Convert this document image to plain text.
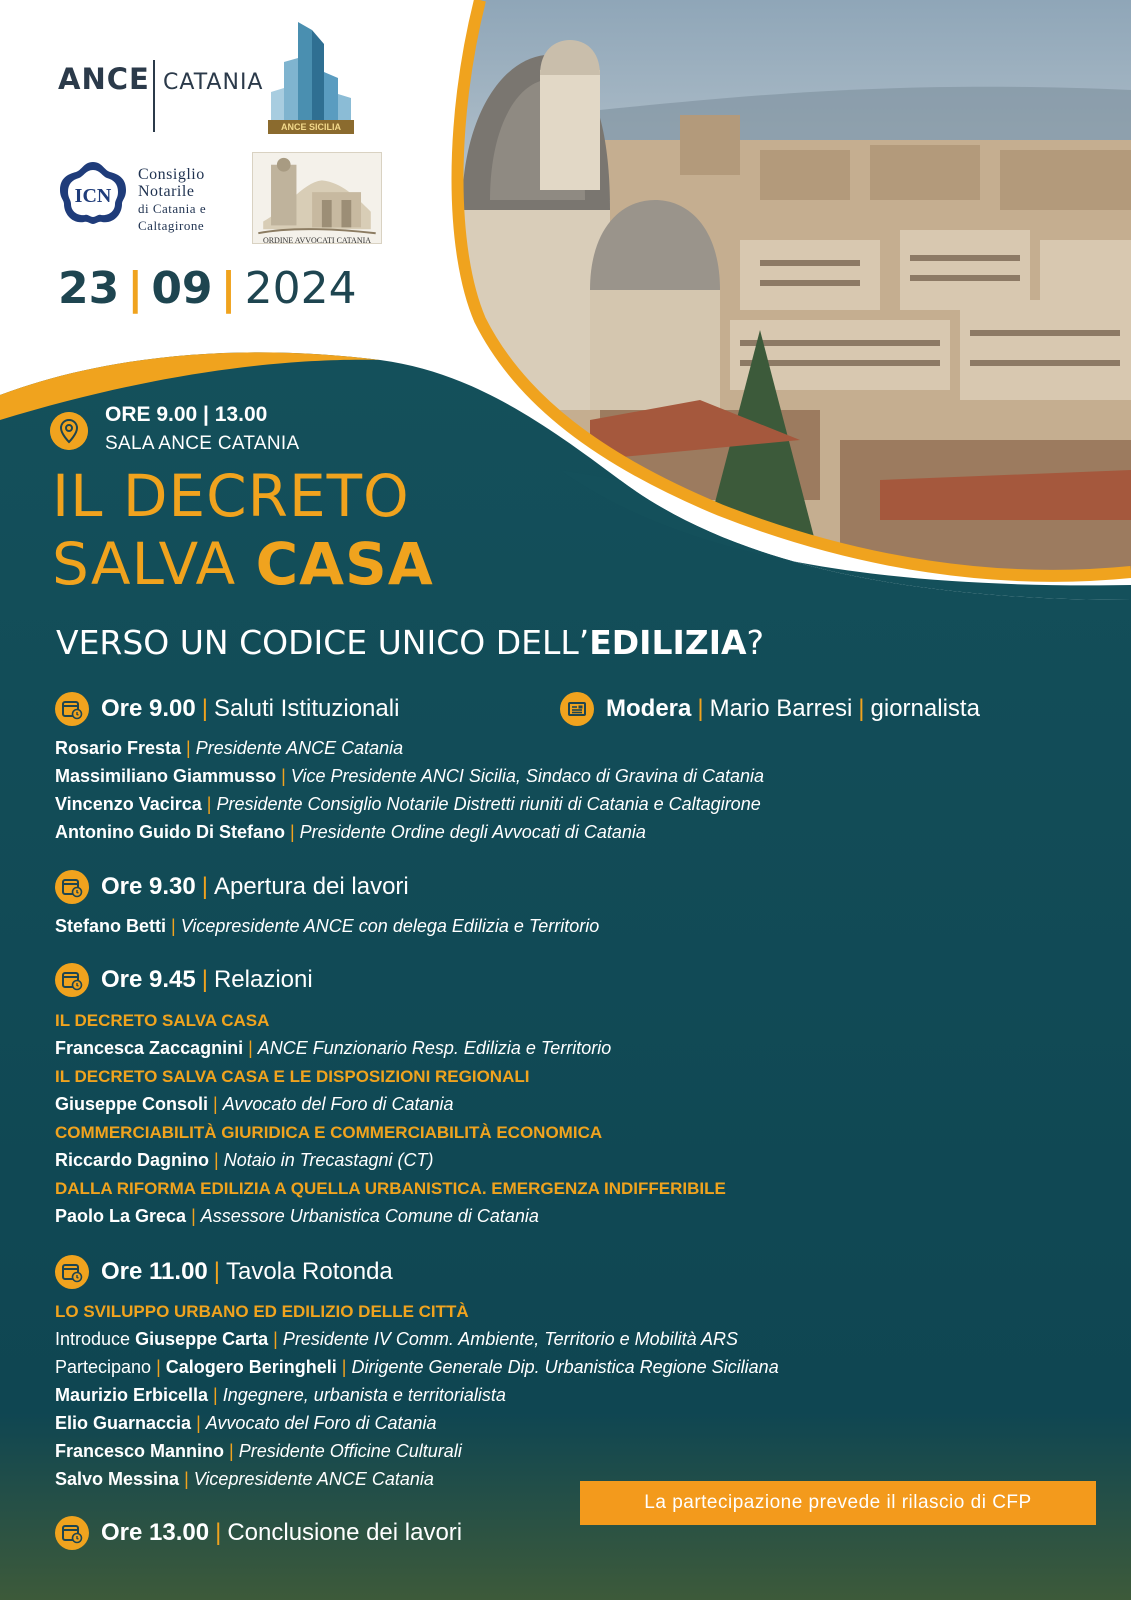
ANCE CATANIA
ANCE SICILIA
ICN
Consiglio
Notarile
di Catania e
Caltagirone
ORDINE AVVOCATI CATANIA
23 | 09 | 2024
ORE 9.00 | 13.00
SALA ANCE CATANIA
IL DECRETO
SALVA CASA
VERSO UN CODICE UNICO DELL’EDILIZIA?
Ore 9.00 | Saluti Istituzionali	Modera | Mario Barresi | giornalista
Rosario Fresta | Presidente ANCE Catania
Massimiliano Giammusso | Vice Presidente ANCI Sicilia, Sindaco di Gravina di Catania
Vincenzo Vacirca | Presidente Consiglio Notarile Distretti riuniti di Catania e Caltagirone
Antonino Guido Di Stefano | Presidente Ordine degli Avvocati di Catania
Ore 9.30 | Apertura dei lavori
Stefano Betti | Vicepresidente ANCE con delega Edilizia e Territorio
Ore 9.45 | Relazioni
IL DECRETO SALVA CASA
Francesca Zaccagnini | ANCE Funzionario Resp. Edilizia e Territorio
IL DECRETO SALVA CASA E LE DISPOSIZIONI REGIONALI
Giuseppe Consoli | Avvocato del Foro di Catania
COMMERCIABILITÀ GIURIDICA E COMMERCIABILITÀ ECONOMICA
Riccardo Dagnino | Notaio in Trecastagni (CT)
DALLA RIFORMA EDILIZIA A QUELLA URBANISTICA. EMERGENZA INDIFFERIBILE
Paolo La Greca | Assessore Urbanistica Comune di Catania
Ore 11.00 | Tavola Rotonda
LO SVILUPPO URBANO ED EDILIZIO DELLE CITTÀ
Introduce Giuseppe Carta | Presidente IV Comm. Ambiente, Territorio e Mobilità ARS
Partecipano | Calogero Beringheli | Dirigente Generale Dip. Urbanistica Regione Siciliana
Maurizio Erbicella | Ingegnere, urbanista e territorialista
Elio Guarnaccia | Avvocato del Foro di Catania
Francesco Mannino | Presidente Officine Culturali
Salvo Messina | Vicepresidente ANCE Catania
Ore 13.00 | Conclusione dei lavori
La partecipazione prevede il rilascio di CFP
